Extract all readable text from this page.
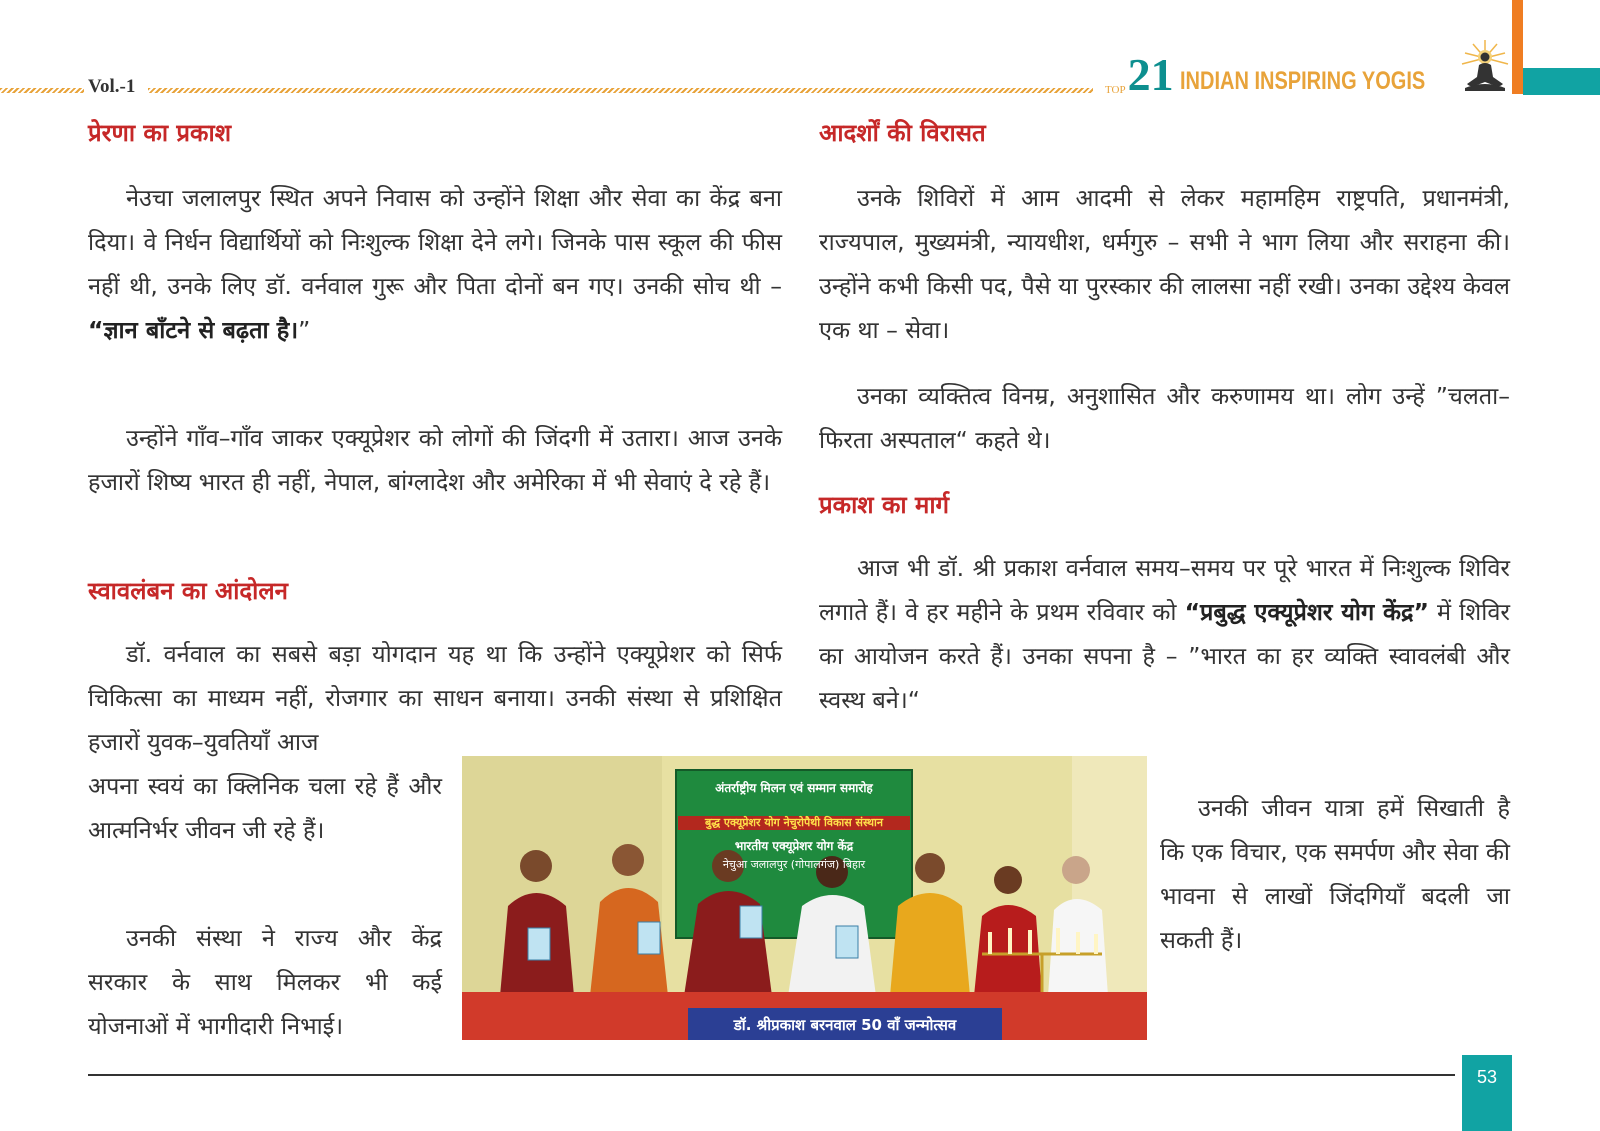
Vol.-1	TOP 21 INDIAN INSPIRING YOGIS
प्रेरणा का प्रकाश

नेउचा जलालपुर स्थित अपने निवास को उन्होंने शिक्षा और सेवा का केंद्र बना दिया। वे निर्धन विद्यार्थियों को निःशुल्क शिक्षा देने लगे। जिनके पास स्कूल की फीस नहीं थी, उनके लिए डॉ. वर्नवाल गुरू और पिता दोनों बन गए। उनकी सोच थी – “ज्ञान बाँटने से बढ़ता है।”

उन्होंने गाँव–गाँव जाकर एक्यूप्रेशर को लोगों की जिंदगी में उतारा। आज उनके हजारों शिष्य भारत ही नहीं, नेपाल, बांग्लादेश और अमेरिका में भी सेवाएं दे रहे हैं।

स्वावलंबन का आंदोलन

डॉ. वर्नवाल का सबसे बड़ा योगदान यह था कि उन्होंने एक्यूप्रेशर को सिर्फ चिकित्सा का माध्यम नहीं, रोजगार का साधन बनाया। उनकी संस्था से प्रशिक्षित हजारों युवक–युवतियाँ आज

अपना स्वयं का क्लिनिक चला रहे हैं और आत्मनिर्भर जीवन जी रहे हैं।

उनकी संस्था ने राज्य और केंद्र सरकार के साथ मिलकर भी कई योजनाओं में भागीदारी निभाई।

आदर्शों की विरासत

उनके शिविरों में आम आदमी से लेकर महामहिम राष्ट्रपति, प्रधानमंत्री, राज्यपाल, मुख्यमंत्री, न्यायधीश, धर्मगुरु – सभी ने भाग लिया और सराहना की। उन्होंने कभी किसी पद, पैसे या पुरस्कार की लालसा नहीं रखी। उनका उद्देश्य केवल एक था – सेवा।

उनका व्यक्तित्व विनम्र, अनुशासित और करुणामय था। लोग उन्हें ”चलता–फिरता अस्पताल“ कहते थे।

प्रकाश का मार्ग

आज भी डॉ. श्री प्रकाश वर्नवाल समय–समय पर पूरे भारत में निःशुल्क शिविर लगाते हैं। वे हर महीने के प्रथम रविवार को “प्रबुद्ध एक्यूप्रेशर योग केंद्र” में शिविर का आयोजन करते हैं। उनका सपना है – ”भारत का हर व्यक्ति स्वावलंबी और स्वस्थ बने।“

उनकी जीवन यात्रा हमें सिखाती है कि एक विचार, एक समर्पण और सेवा की भावना से लाखों जिंदगियाँ बदली जा सकती हैं।

अंतर्राष्ट्रीय मिलन एवं सम्मान समारोह
बुद्ध एक्यूप्रेशर योग नेचुरोपैथी विकास संस्थान
भारतीय एक्यूप्रेशर योग केंद्र
नेचुआ जलालपुर (गोपालगंज) बिहार
डॉ. श्रीप्रकाश बरनवाल 50 वाँ जन्मोत्सव
53
